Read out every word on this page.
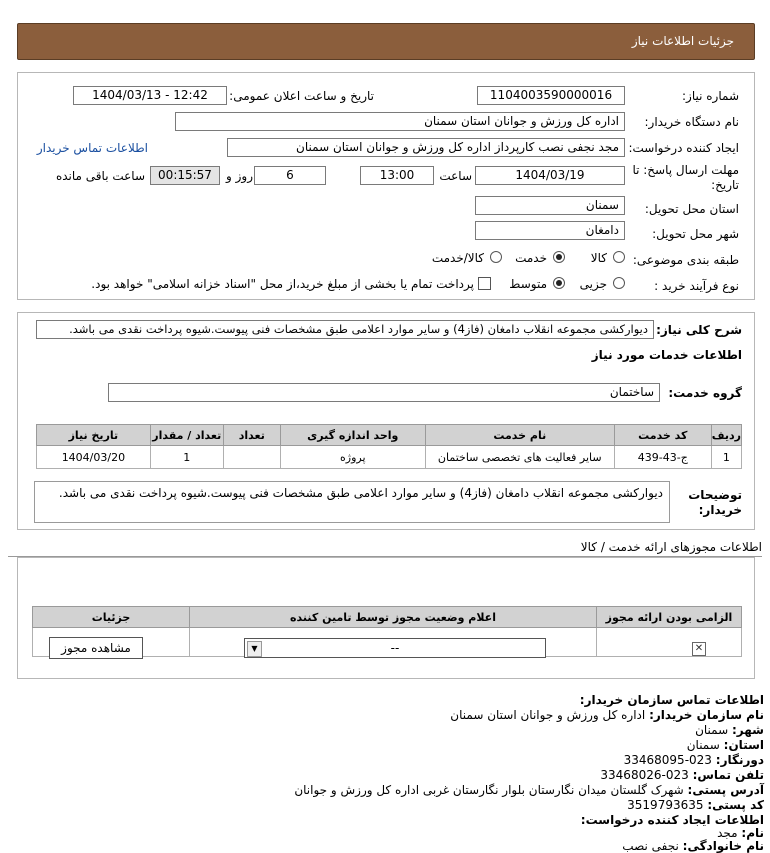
جزئیات اطلاعات نیاز
شماره نیاز:
1104003590000016
تاریخ و ساعت اعلان عمومی:
1404/03/13 - 12:42
نام دستگاه خریدار:
اداره کل ورزش و جوانان استان سمنان
ایجاد کننده درخواست:
مجد نجفی نصب کارپرداز اداره کل ورزش و جوانان استان سمنان
اطلاعات تماس خریدار
مهلت ارسال پاسخ: تا
تاریخ:
1404/03/19
ساعت
13:00
6
روز و
00:15:57
ساعت باقی مانده
استان محل تحویل:
سمنان
شهر محل تحویل:
دامغان
طبقه بندی موضوعی:
کالا
خدمت
کالا/خدمت
نوع فرآیند خرید :
جزیی
متوسط
پرداخت تمام یا بخشی از مبلغ خرید،از محل "اسناد خزانه اسلامی" خواهد بود.
شرح کلی نیاز:
دیوارکشی مجموعه انقلاب دامغان (فاز4) و سایر موارد اعلامی طبق مشخصات فنی پیوست.شیوه پرداخت نقدی می باشد.
اطلاعات خدمات مورد نیاز
گروه خدمت:
ساختمان
ردیف	کد خدمت	نام خدمت	واحد اندازه گیری	تعداد	تعداد / مقدار	تاریخ نیاز
1	ج-43-439	سایر فعالیت های تخصصی ساختمان	پروژه		1	1404/03/20
توضیحات
خریدار:
دیوارکشی مجموعه انقلاب دامغان (فاز4) و سایر موارد اعلامی طبق مشخصات فنی پیوست.شیوه پرداخت نقدی می باشد.
اطلاعات مجوزهای ارائه خدمت / کالا
الزامی بودن ارائه مجوز	اعلام وضعیت مجوز توسط تامین کننده	جزئیات

✕
--
▼
مشاهده مجوز
اطلاعات تماس سازمان خریدار:
نام سازمان خریدار: اداره کل ورزش و جوانان استان سمنان
شهر: سمنان
استان: سمنان
دورنگار: 023-33468095
تلفن تماس: 023-33468026
آدرس پستی: شهرک گلستان میدان نگارستان بلوار نگارستان غربی اداره کل ورزش و جوانان
کد پستی: 3519793635
اطلاعات ایجاد کننده درخواست:
نام: مجد
نام خانوادگی: نجفی نصب
